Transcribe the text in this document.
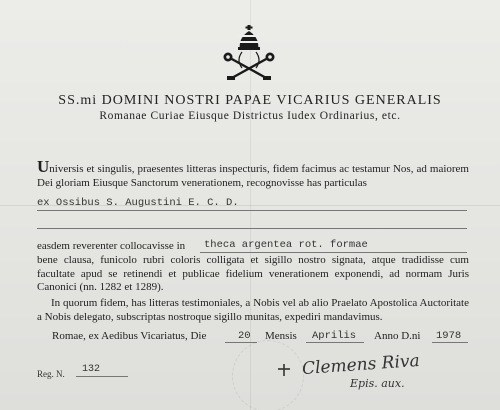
SS.mi DOMINI NOSTRI PAPAE VICARIUS GENERALIS
Romanae Curiae Eiusque Districtus Iudex Ordinarius, etc.
Universis et singulis, praesentes litteras inspecturis, fidem facimus ac testamur Nos, ad maiorem Dei gloriam Eiusque Sanctorum venerationem, recognovisse has particulas
ex Ossibus S. Augustini E. C. D.
easdem reverenter collocavisse in theca argentea rot. formae
bene clausa, funicolo rubri coloris colligata et sigillo nostro signata, atque tradidisse cum facultate apud se retinendi et publicae fidelium venerationem exponendi, ad normam Juris Canonici (nn. 1282 et 1289).
In quorum fidem, has litteras testimoniales, a Nobis vel ab alio Praelato Apostolica Auctoritate a Nobis delegato, subscriptas nostroque sigillo munitas, expediri mandavimus.
Romae, ex Aedibus Vicariatus, Die	20 Mensis Aprilis Anno D.ni 1978
Reg. N. 132	Clemens Riva
Epis. aux.
